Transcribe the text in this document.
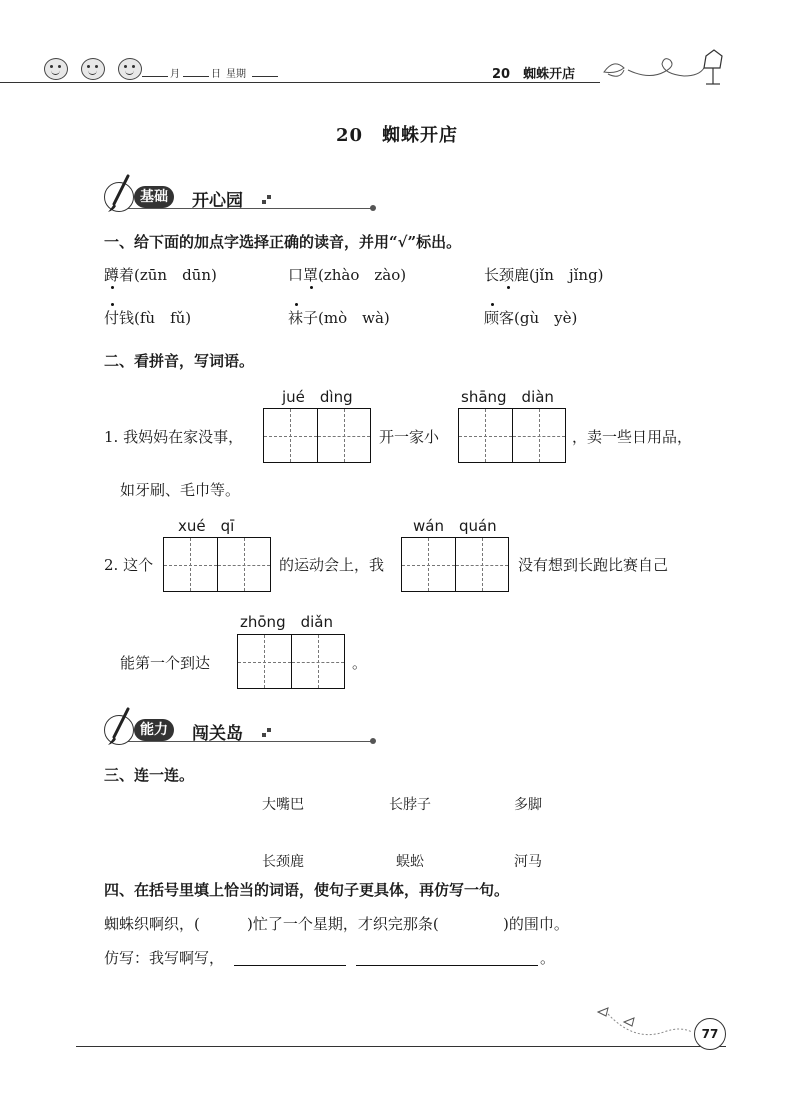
月	日 星期	20　蜘蛛开店
20　蜘蛛开店
基础	开心园
一、给下面的加点字选择正确的读音，并用“√”标出。
蹲着(zūn　dūn)	口罩(zhào　zào)	长颈鹿(jǐn　jǐng)
付钱(fù　fǔ)	袜子(mò　wà)	顾客(gù　yè)
二、看拼音，写词语。
jué　dìng	shāng　diàn
1. 我妈妈在家没事，	开一家小	，卖一些日用品，
如牙刷、毛巾等。
xué　qī	wán　quán
2. 这个	的运动会上，我	没有想到长跑比赛自己
zhōng　diǎn
能第一个到达	。
能力	闯关岛
三、连一连。
大嘴巴	长脖子	多脚
长颈鹿	蜈蚣	河马
四、在括号里填上恰当的词语，使句子更具体，再仿写一句。
蜘蛛织啊织，(	)忙了一个星期，才织完那条(	)的围巾。
仿写：我写啊写，	。
77
